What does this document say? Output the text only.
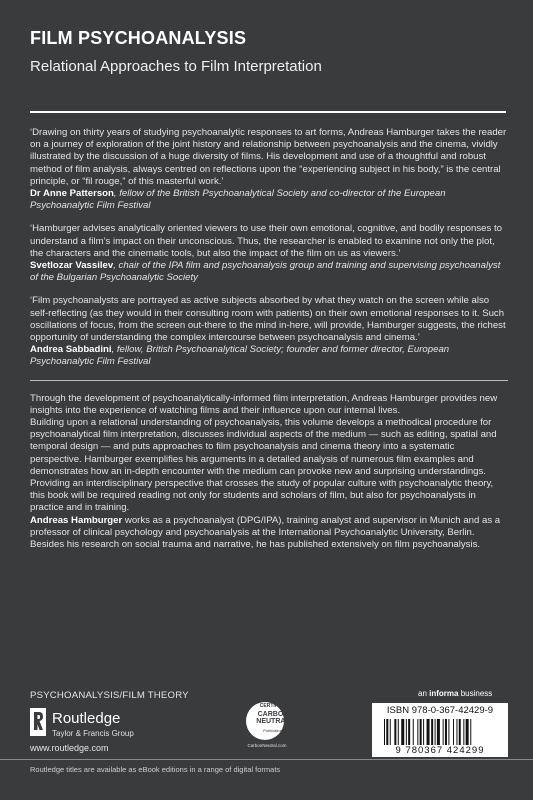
FILM PSYCHOANALYSIS
Relational Approaches to Film Interpretation

‘Drawing on thirty years of studying psychoanalytic responses to art forms, Andreas Hamburger takes the reader on a journey of exploration of the joint history and relationship between psychoanalysis and the cinema, vividly illustrated by the discussion of a huge diversity of films. His development and use of a thoughtful and robust method of film analysis, always centred on reflections upon the “experiencing subject in his body,” is the central principle, or “fil rouge,” of this masterful work.’

Dr Anne Patterson, fellow of the British Psychoanalytical Society and co-director of the European Psychoanalytic Film Festival

‘Hamburger advises analytically oriented viewers to use their own emotional, cognitive, and bodily responses to understand a film’s impact on their unconscious. Thus, the researcher is enabled to examine not only the plot, the characters and the cinematic tools, but also the impact of the film on us as viewers.’

Svetlozar Vassilev, chair of the IPA film and psychoanalysis group and training and supervising psychoanalyst of the Bulgarian Psychoanalytic Society

‘Film psychoanalysts are portrayed as active subjects absorbed by what they watch on the screen while also self-reflecting (as they would in their consulting room with patients) on their own emotional responses to it. Such oscillations of focus, from the screen out-there to the mind in-here, will provide, Hamburger suggests, the richest opportunity of understanding the complex intercourse between psychoanalysis and cinema.’

Andrea Sabbadini, fellow, British Psychoanalytical Society; founder and former director, European Psychoanalytic Film Festival

Through the development of psychoanalytically-informed film interpretation, Andreas Hamburger provides new insights into the experience of watching films and their influence upon our internal lives.

Building upon a relational understanding of psychoanalysis, this volume develops a methodical procedure for psychoanalytical film interpretation, discusses individual aspects of the medium — such as editing, spatial and temporal design — and puts approaches to film psychoanalysis and cinema theory into a systematic perspective. Hamburger exemplifies his arguments in a detailed analysis of numerous film examples and demonstrates how an in-depth encounter with the medium can provoke new and surprising understandings.

Providing an interdisciplinary perspective that crosses the study of popular culture with psychoanalytic theory, this book will be required reading not only for students and scholars of film, but also for psychoanalysts in practice and in training.

Andreas Hamburger works as a psychoanalyst (DPG/IPA), training analyst and supervisor in Munich and as a professor of clinical psychology and psychoanalysis at the International Psychoanalytic University, Berlin. Besides his research on social trauma and narrative, he has published extensively on film psychoanalysis.

PSYCHOANALYSIS/FILM THEORY
Routledge
Taylor & Francis Group
www.routledge.com
CERTIFIED
CARBON NEUTRAL
Publication
CarbonNeutral.com
an informa business
ISBN 978-0-367-42429-9
9 780367 424299
Routledge titles are available as eBook editions in a range of digital formats
